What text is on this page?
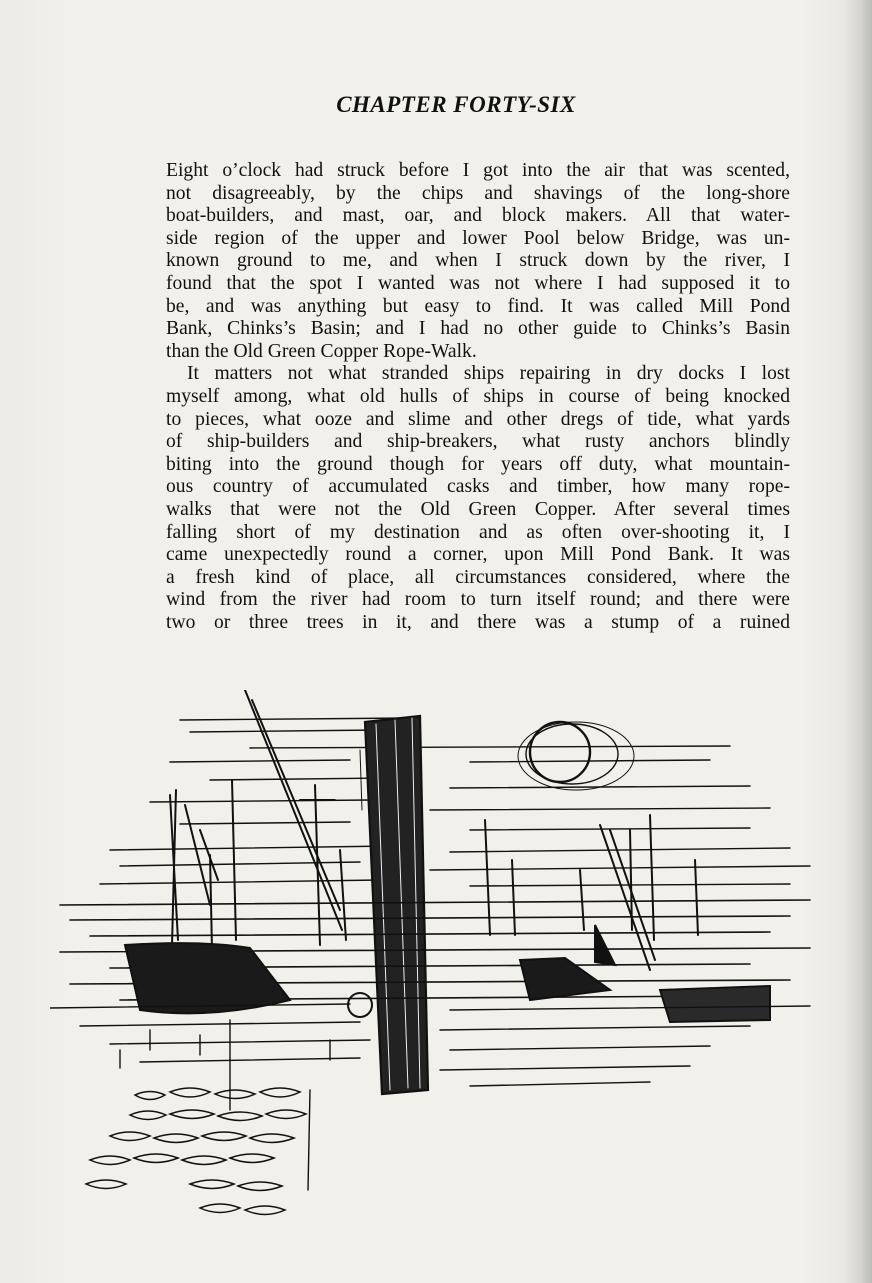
CHAPTER FORTY-SIX
Eight o’clock had struck before I got into the air that was scented,
not disagreeably, by the chips and shavings of the long-shore
boat-builders, and mast, oar, and block makers. All that water-
side region of the upper and lower Pool below Bridge, was un-
known ground to me, and when I struck down by the river, I
found that the spot I wanted was not where I had supposed it to
be, and was anything but easy to find. It was called Mill Pond
Bank, Chinks’s Basin; and I had no other guide to Chinks’s Basin
than the Old Green Copper Rope-Walk.
It matters not what stranded ships repairing in dry docks I lost
myself among, what old hulls of ships in course of being knocked
to pieces, what ooze and slime and other dregs of tide, what yards
of ship-builders and ship-breakers, what rusty anchors blindly
biting into the ground though for years off duty, what mountain-
ous country of accumulated casks and timber, how many rope-
walks that were not the Old Green Copper. After several times
falling short of my destination and as often over-shooting it, I
came unexpectedly round a corner, upon Mill Pond Bank. It was
a fresh kind of place, all circumstances considered, where the
wind from the river had room to turn itself round; and there were
two or three trees in it, and there was a stump of a ruined
